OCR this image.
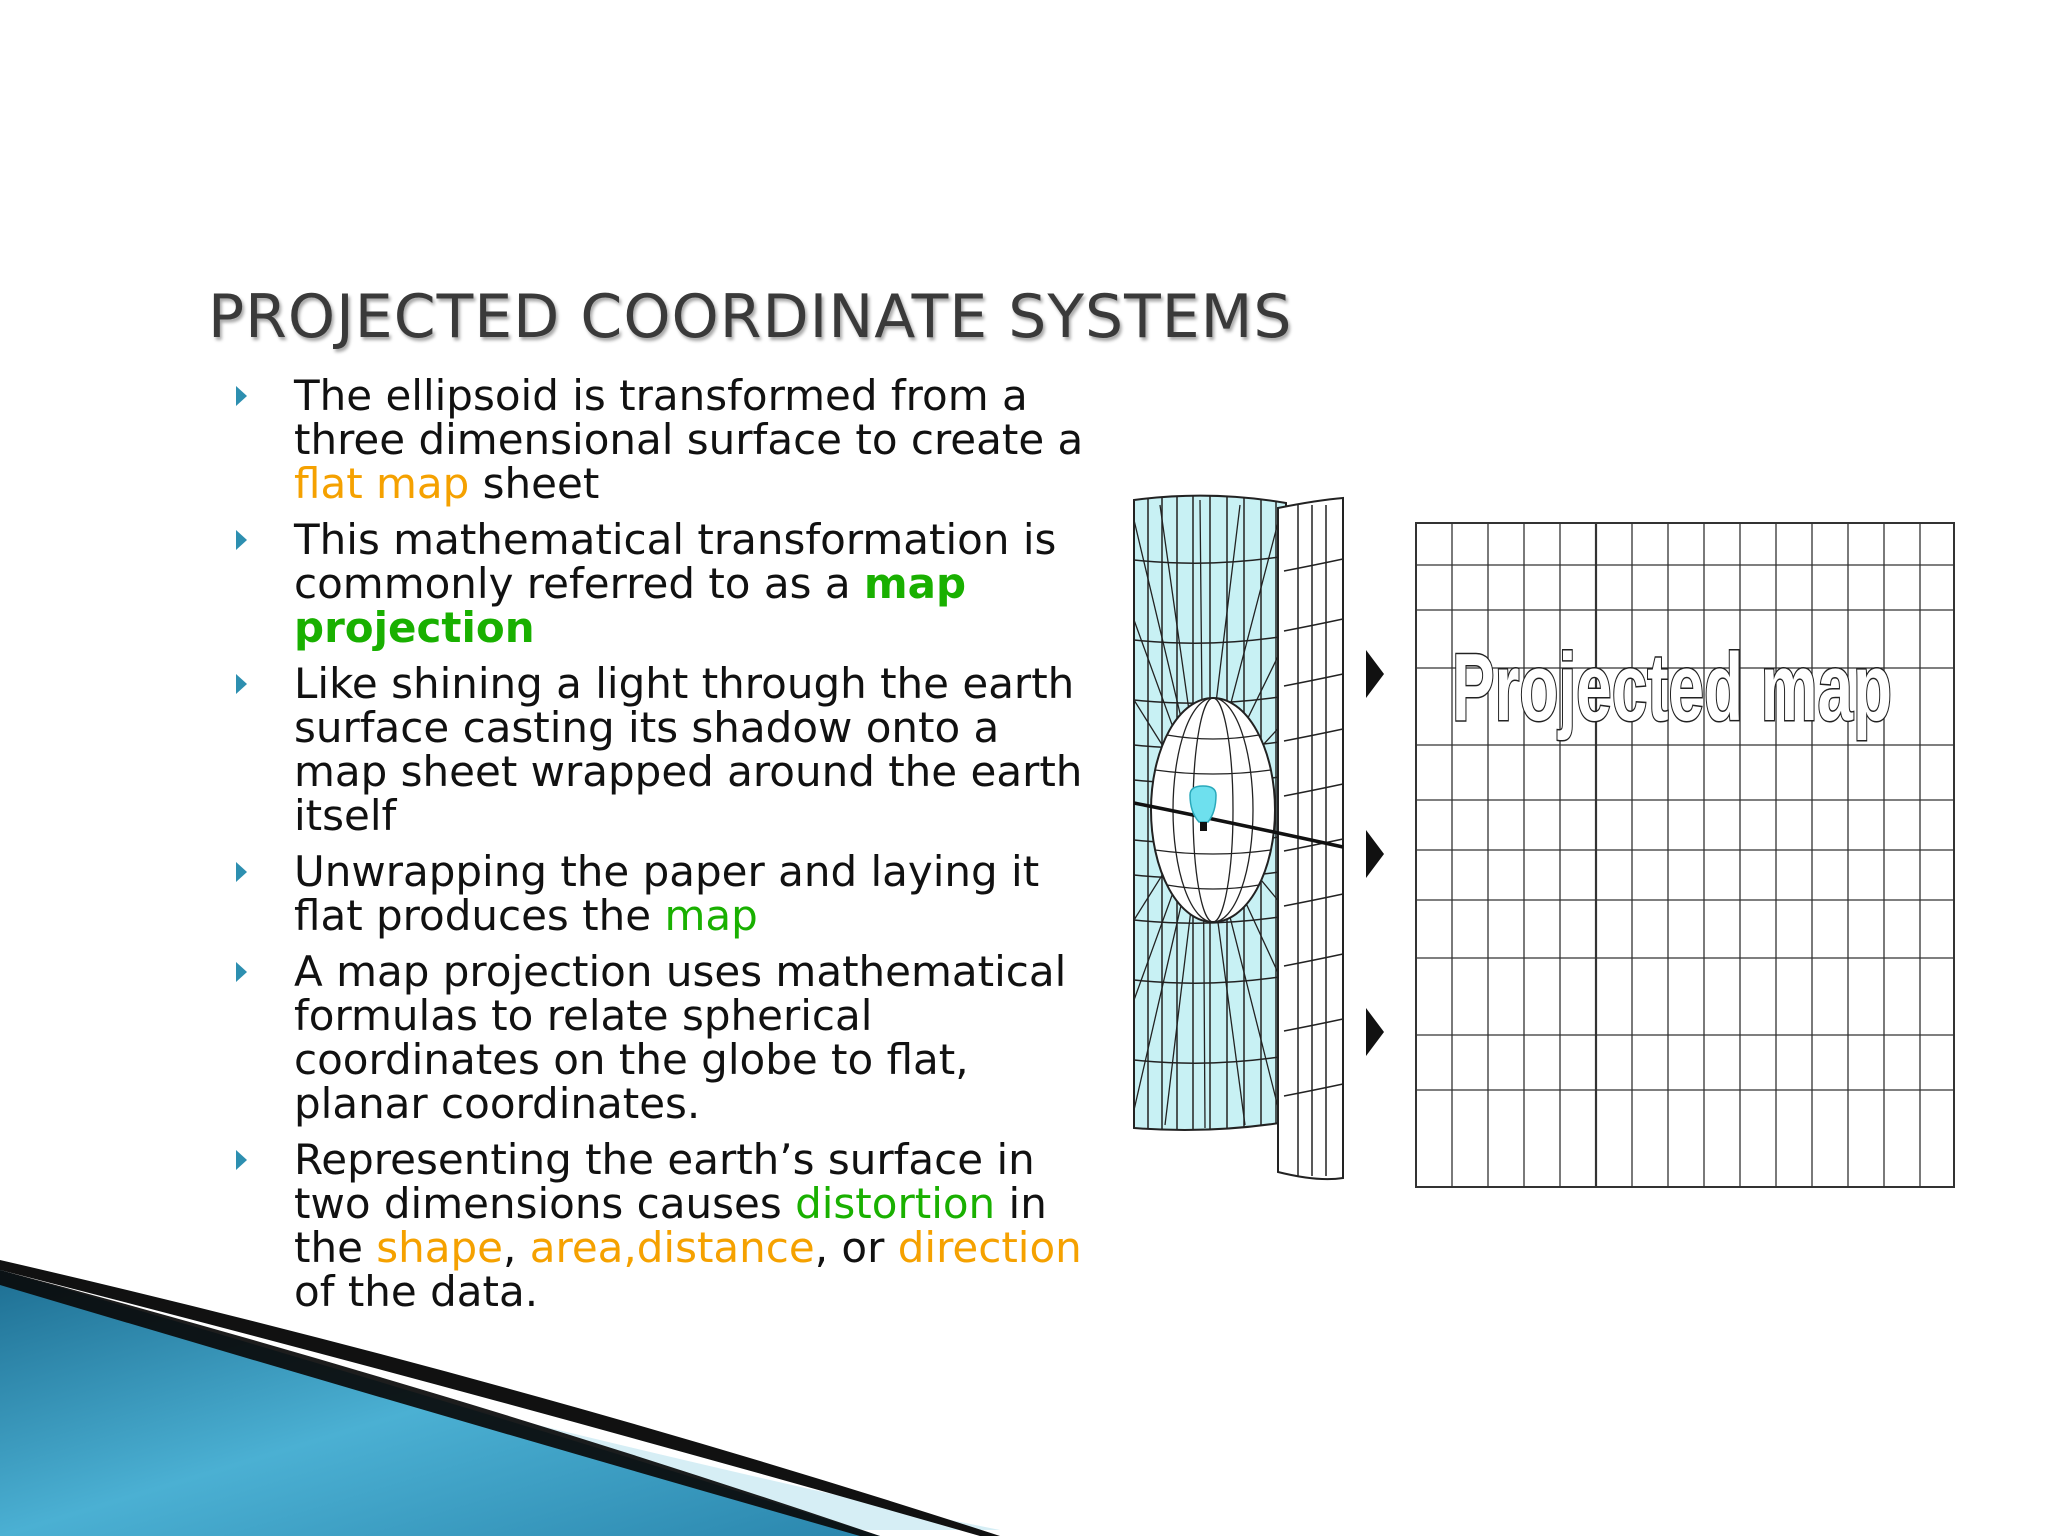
PROJECTED COORDINATE SYSTEMS
The ellipsoid is transformed from a three dimensional surface to create a flat map sheet
This mathematical transformation is commonly referred to as a map projection
Like shining a light through the earth surface casting its shadow onto a map sheet wrapped around the earth itself
Unwrapping the paper and laying it flat produces the map
A map projection uses mathematical formulas to relate spherical coordinates on the globe to flat, planar coordinates.
Representing the earth’s surface in two dimensions causes distortion in the shape, area,distance, or direction of the data.
Projected map
